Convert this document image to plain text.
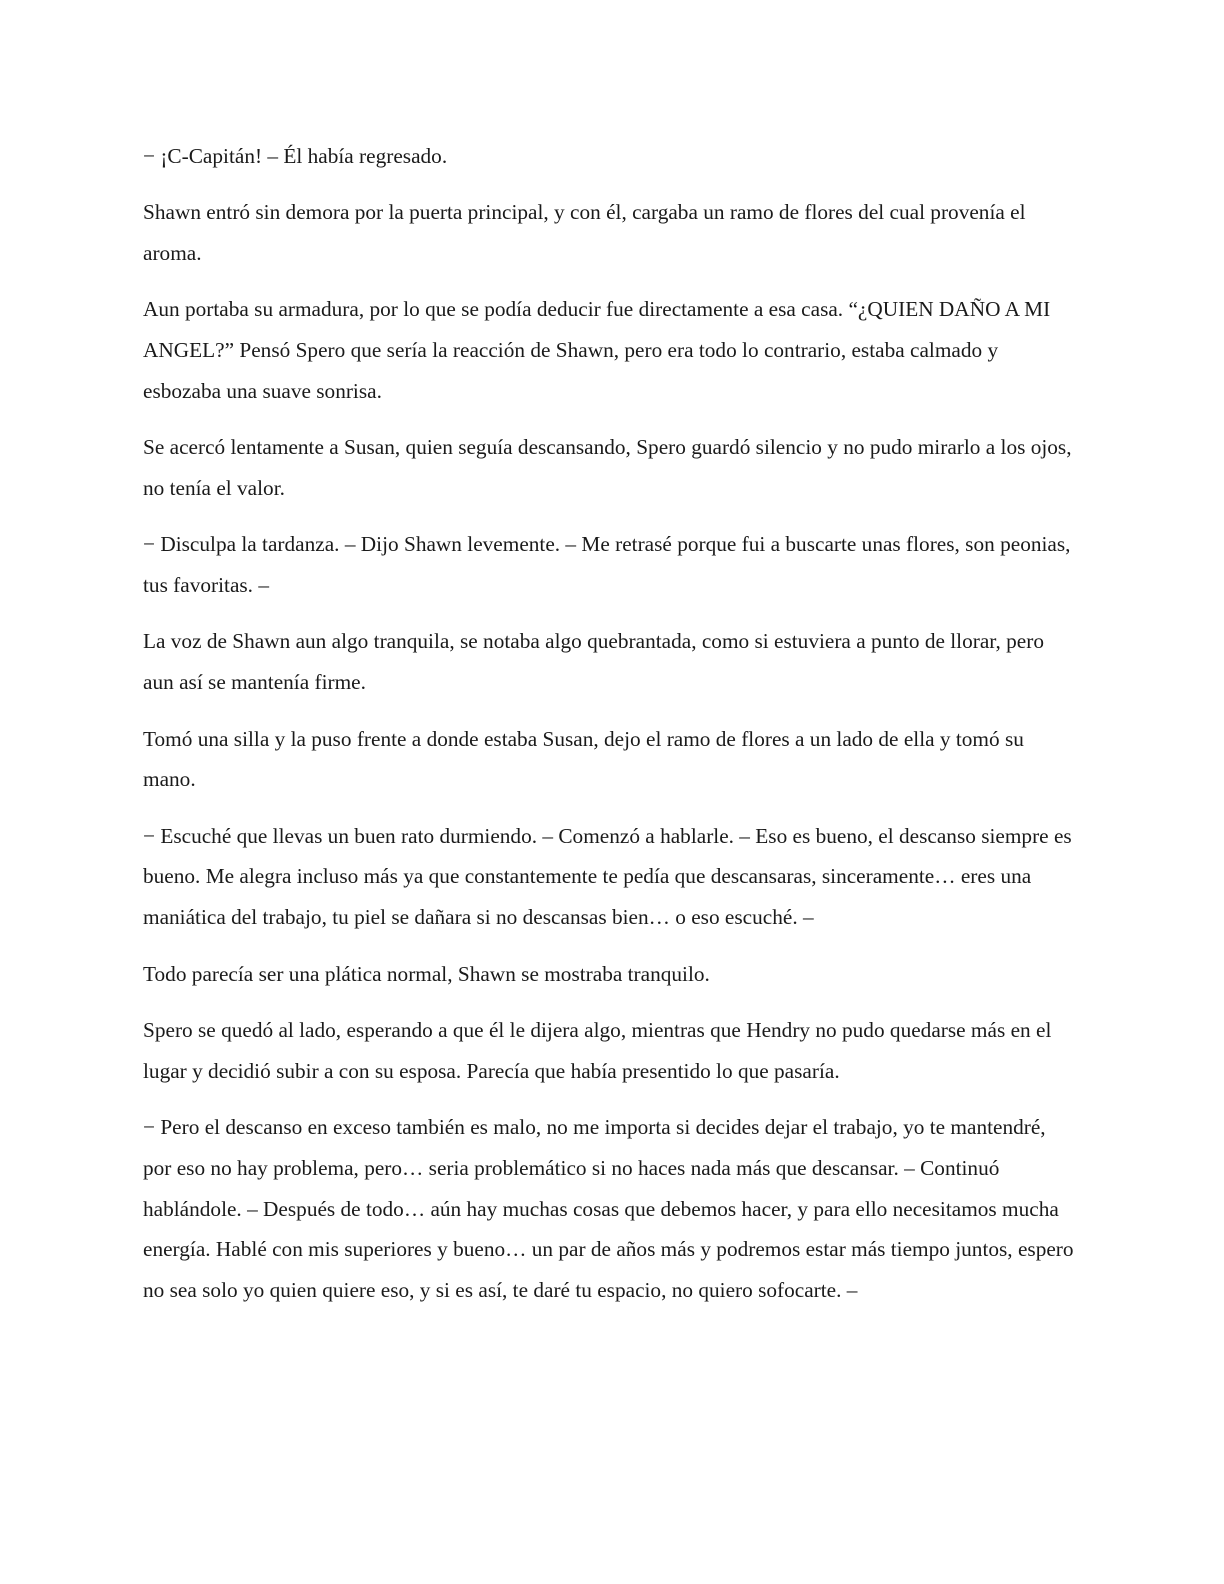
− ¡C-Capitán! – Él había regresado.

Shawn entró sin demora por la puerta principal, y con él, cargaba un ramo de flores del cual provenía el aroma.

Aun portaba su armadura, por lo que se podía deducir fue directamente a esa casa. “¿QUIEN DAÑO A MI ANGEL?” Pensó Spero que sería la reacción de Shawn, pero era todo lo contrario, estaba calmado y esbozaba una suave sonrisa.

Se acercó lentamente a Susan, quien seguía descansando, Spero guardó silencio y no pudo mirarlo a los ojos, no tenía el valor.

− Disculpa la tardanza. – Dijo Shawn levemente. – Me retrasé porque fui a buscarte unas flores, son peonias, tus favoritas. –

La voz de Shawn aun algo tranquila, se notaba algo quebrantada, como si estuviera a punto de llorar, pero aun así se mantenía firme.

Tomó una silla y la puso frente a donde estaba Susan, dejo el ramo de flores a un lado de ella y tomó su mano.

− Escuché que llevas un buen rato durmiendo. – Comenzó a hablarle. – Eso es bueno, el descanso siempre es bueno. Me alegra incluso más ya que constantemente te pedía que descansaras, sinceramente… eres una maniática del trabajo, tu piel se dañara si no descansas bien… o eso escuché. –

Todo parecía ser una plática normal, Shawn se mostraba tranquilo.

Spero se quedó al lado, esperando a que él le dijera algo, mientras que Hendry no pudo quedarse más en el lugar y decidió subir a con su esposa. Parecía que había presentido lo que pasaría.

− Pero el descanso en exceso también es malo, no me importa si decides dejar el trabajo, yo te mantendré, por eso no hay problema, pero… seria problemático si no haces nada más que descansar. – Continuó hablándole. – Después de todo… aún hay muchas cosas que debemos hacer, y para ello necesitamos mucha energía. Hablé con mis superiores y bueno… un par de años más y podremos estar más tiempo juntos, espero no sea solo yo quien quiere eso, y si es así, te daré tu espacio, no quiero sofocarte. –
